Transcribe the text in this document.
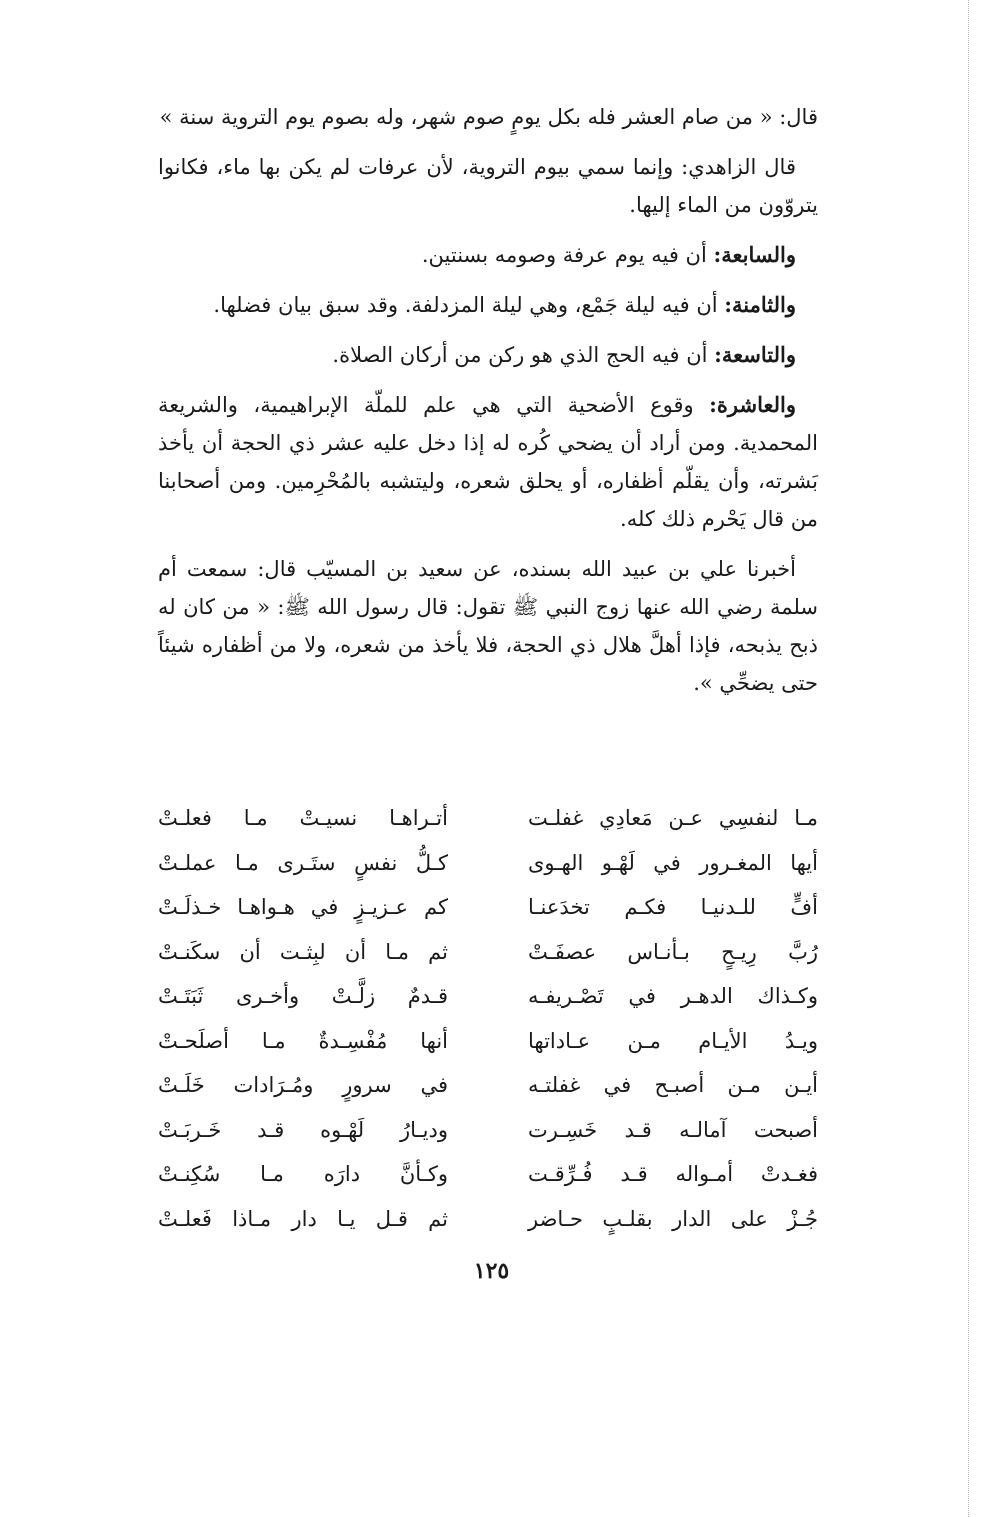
قال: « من صام العشر فله بكل يومٍ صوم شهر، وله بصوم يوم التروية سنة »

قال الزاهدي: وإنما سمي بيوم التروية، لأن عرفات لم يكن بها ماء، فكانوا يتروّون من الماء إليها.

والسابعة: أن فيه يوم عرفة وصومه بسنتين.

والثامنة: أن فيه ليلة جَمْع، وهي ليلة المزدلفة. وقد سبق بيان فضلها.

والتاسعة: أن فيه الحج الذي هو ركن من أركان الصلاة.

والعاشرة: وقوع الأضحية التي هي علم للملّة الإبراهيمية، والشريعة المحمدية. ومن أراد أن يضحي كُره له إذا دخل عليه عشر ذي الحجة أن يأخذ بَشرته، وأن يقلّم أظفاره، أو يحلق شعره، وليتشبه بالمُحْرِمين. ومن أصحابنا من قال يَحْرم ذلك كله.

أخبرنا علي بن عبيد الله بسنده، عن سعيد بن المسيّب قال: سمعت أم سلمة رضي الله عنها زوج النبي ﷺ تقول: قال رسول الله ﷺ: « من كان له ذبح يذبحه، فإذا أهلَّ هلال ذي الحجة، فلا يأخذ من شعره، ولا من أظفاره شيئاً حتى يضحِّي ».

مـا لنفسِي عـن مَعادِي غفلـت
أتـراهـا نسيـتْ مـا فعلـتْ
أيها المغـرور في لَهْـو الهـوى
كـلُّ نفسٍ ستَـرى مـا عملـتْ
أفٍّ للـدنيـا فكـم تخدَعنـا
كم عـزيـزٍ في هـواهـا خـذلَـتْ
رُبَّ رِيـحٍ بـأنـاس عصفَـتْ
ثم مـا أن لبِثـت أن سكَنـتْ
وكـذاك الدهـر في تَصْـريفـه
قـدمٌ زلَّـتْ وأخـرى ثَبَتَـتْ
ويـدُ الأيـام مـن عـاداتها
أنها مُفْسِـدةٌ مـا أصلَحـتْ
أيـن مـن أصبـح في غفلتـه
في سرورٍ ومُـرَادات خَلَـتْ
أصبحت آمالـه قـد خَسِـرت
وديـارُ لَهْـوه قـد خَـربَـتْ
فغـدتْ أمـواله قـد فُـرِّقـت
وكـأنَّ دارَه مـا سُكِنـتْ
جُـزْ على الدار بقلـبٍ حـاضر
ثم قـل يـا دار مـاذا فَعلـتْ
١٢٥
